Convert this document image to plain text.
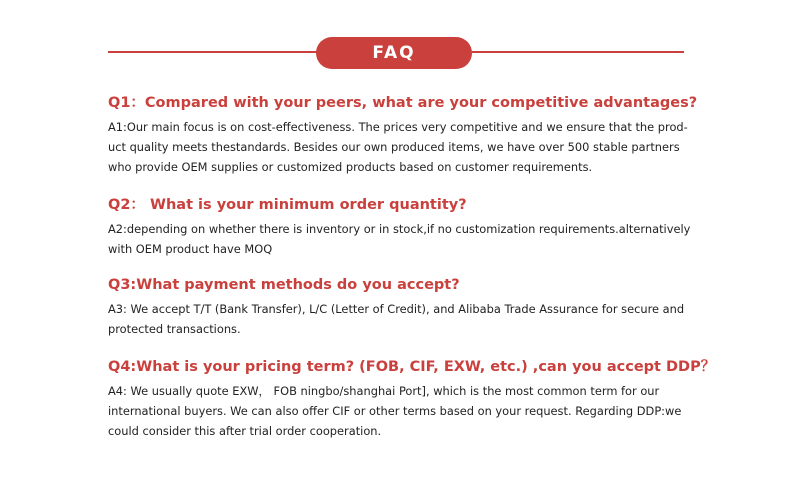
FAQ
Q1：Compared with your peers, what are your competitive advantages?
A1:Our main focus is on cost-effectiveness. The prices very competitive and we ensure that the prod-
uct quality meets thestandards. Besides our own produced items, we have over 500 stable partners
who provide OEM supplies or customized products based on customer requirements.
Q2： What is your minimum order quantity?
A2:depending on whether there is inventory or in stock,if no customization requirements.alternatively
with OEM product have MOQ
Q3:What payment methods do you accept?
A3: We accept T/T (Bank Transfer), L/C (Letter of Credit), and Alibaba Trade Assurance for secure and
protected transactions.
Q4:What is your pricing term? (FOB, CIF, EXW, etc.) ,can you accept DDP？
A4: We usually quote EXW， FOB ningbo/shanghai Port], which is the most common term for our
international buyers. We can also offer CIF or other terms based on your request. Regarding DDP:we
could consider this after trial order cooperation.
